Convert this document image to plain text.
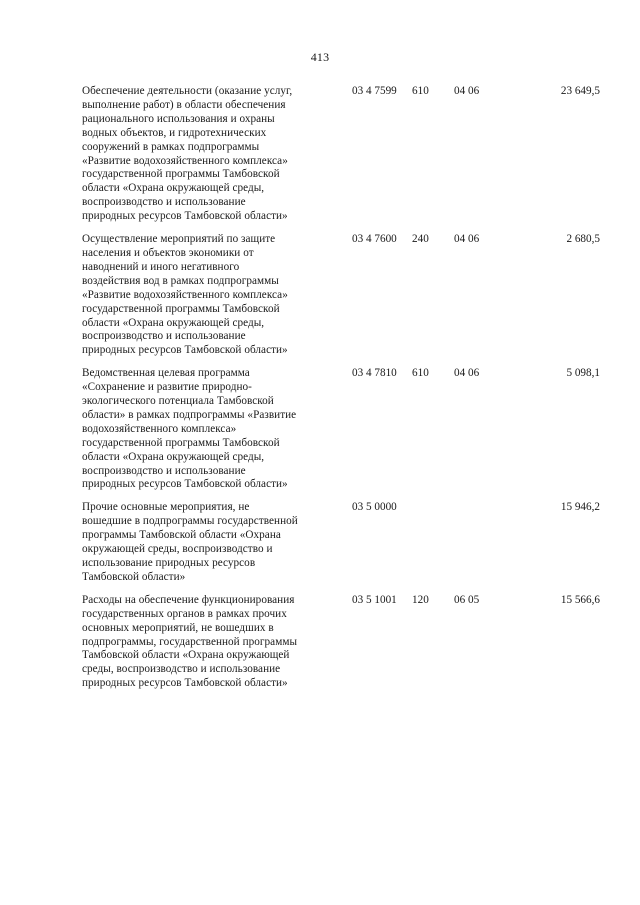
413
Обеспечение деятельности (оказание услуг,
выполнение работ) в области обеспечения
рационального использования и охраны
водных объектов, и гидротехнических
сооружений в рамках подпрограммы
«Развитие водохозяйственного комплекса»
государственной программы Тамбовской
области «Охрана окружающей среды,
воспроизводство и использование
природных ресурсов Тамбовской области»
03 4 7599 610 04 06	23 649,5
Осуществление мероприятий по защите
населения и объектов экономики от
наводнений и иного негативного
воздействия вод в рамках подпрограммы
«Развитие водохозяйственного комплекса»
государственной программы Тамбовской
области «Охрана окружающей среды,
воспроизводство и использование
природных ресурсов Тамбовской области»
03 4 7600 240 04 06	2 680,5
Ведомственная целевая программа
«Сохранение и развитие природно-
экологического потенциала Тамбовской
области» в рамках подпрограммы «Развитие
водохозяйственного комплекса»
государственной программы Тамбовской
области «Охрана окружающей среды,
воспроизводство и использование
природных ресурсов Тамбовской области»
03 4 7810 610 04 06	5 098,1
Прочие основные мероприятия, не
вошедшие в подпрограммы государственной
программы Тамбовской области «Охрана
окружающей среды, воспроизводство и
использование природных ресурсов
Тамбовской области»
03 5 0000	15 946,2
Расходы на обеспечение функционирования
государственных органов в рамках прочих
основных мероприятий, не вошедших в
подпрограммы, государственной программы
Тамбовской области «Охрана окружающей
среды, воспроизводство и использование
природных ресурсов Тамбовской области»
03 5 1001 120 06 05	15 566,6
